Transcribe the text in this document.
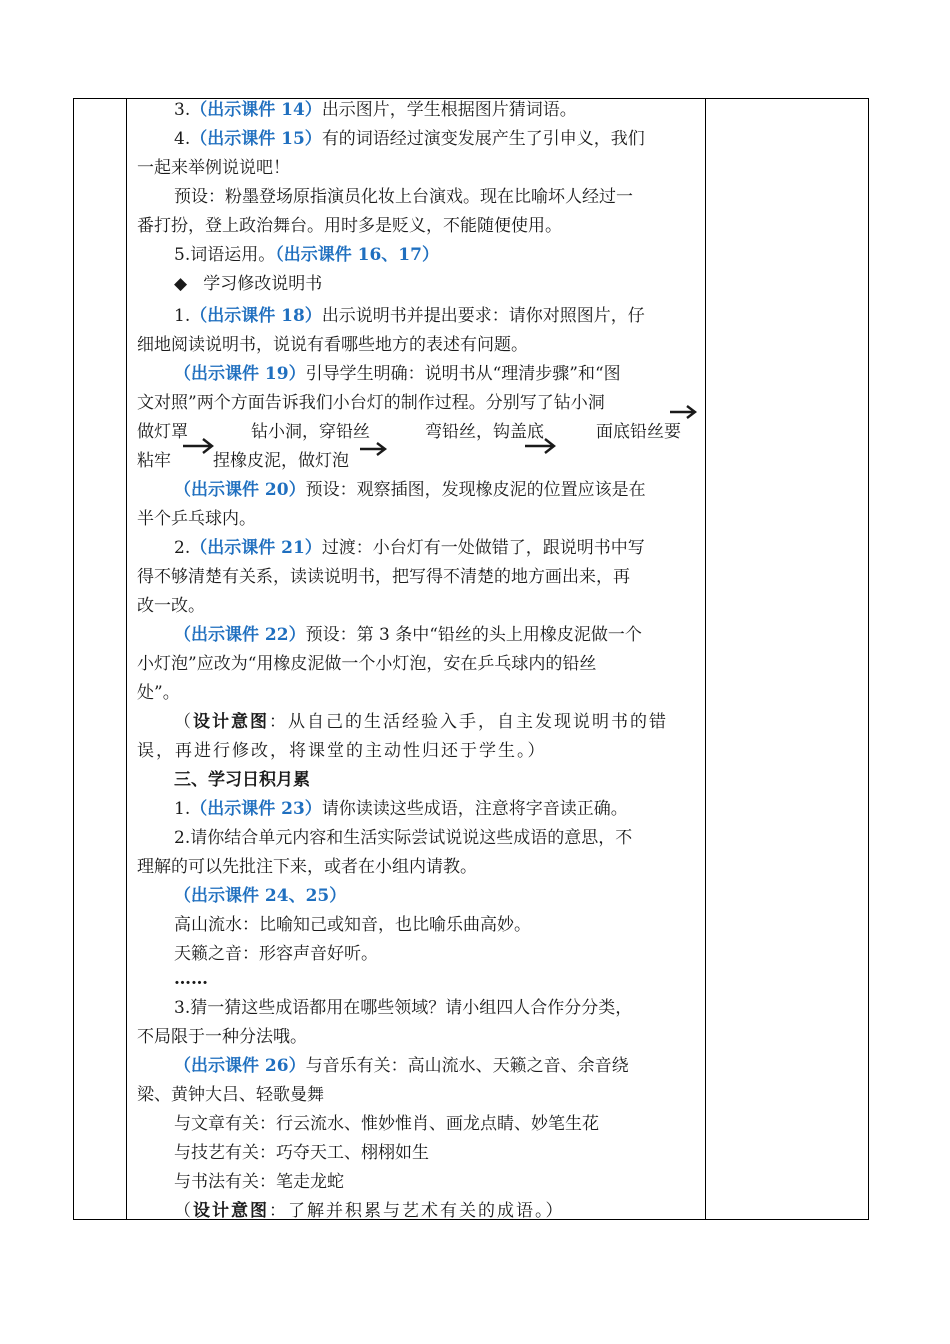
3.（出示课件 14）出示图片，学生根据图片猜词语。
4.（出示课件 15）有的词语经过演变发展产生了引申义，我们
一起来举例说说吧！
预设：粉墨登场原指演员化妆上台演戏。现在比喻坏人经过一
番打扮，登上政治舞台。用时多是贬义，不能随便使用。
5.词语运用。（出示课件 16、17）
◆ 学习修改说明书
1.（出示课件 18）出示说明书并提出要求：请你对照图片，仔
细地阅读说明书，说说有看哪些地方的表述有问题。
（出示课件 19）引导学生明确：说明书从“理清步骤”和“图
文对照”两个方面告诉我们小台灯的制作过程。分别写了钻小洞
做灯罩	钻小洞，穿铅丝	弯铅丝，钩盖底	面底铅丝要
粘牢 捏橡皮泥，做灯泡
（出示课件 20）预设：观察插图，发现橡皮泥的位置应该是在
半个乒乓球内。
2.（出示课件 21）过渡：小台灯有一处做错了，跟说明书中写
得不够清楚有关系，读读说明书，把写得不清楚的地方画出来，再
改一改。
（出示课件 22）预设：第 3 条中“铅丝的头上用橡皮泥做一个
小灯泡”应改为“用橡皮泥做一个小灯泡，安在乒乓球内的铅丝
处”。
（设计意图：从自己的生活经验入手，自主发现说明书的错
误，再进行修改，将课堂的主动性归还于学生。）
三、学习日积月累
1.（出示课件 23）请你读读这些成语，注意将字音读正确。
2.请你结合单元内容和生活实际尝试说说这些成语的意思，不
理解的可以先批注下来，或者在小组内请教。
（出示课件 24、25）
高山流水：比喻知己或知音，也比喻乐曲高妙。
天籁之音：形容声音好听。
……
3.猜一猜这些成语都用在哪些领域？请小组四人合作分分类，
不局限于一种分法哦。
（出示课件 26）与音乐有关：高山流水、天籁之音、余音绕
梁、黄钟大吕、轻歌曼舞
与文章有关：行云流水、惟妙惟肖、画龙点睛、妙笔生花
与技艺有关：巧夺天工、栩栩如生
与书法有关：笔走龙蛇
（设计意图：了解并积累与艺术有关的成语。）
